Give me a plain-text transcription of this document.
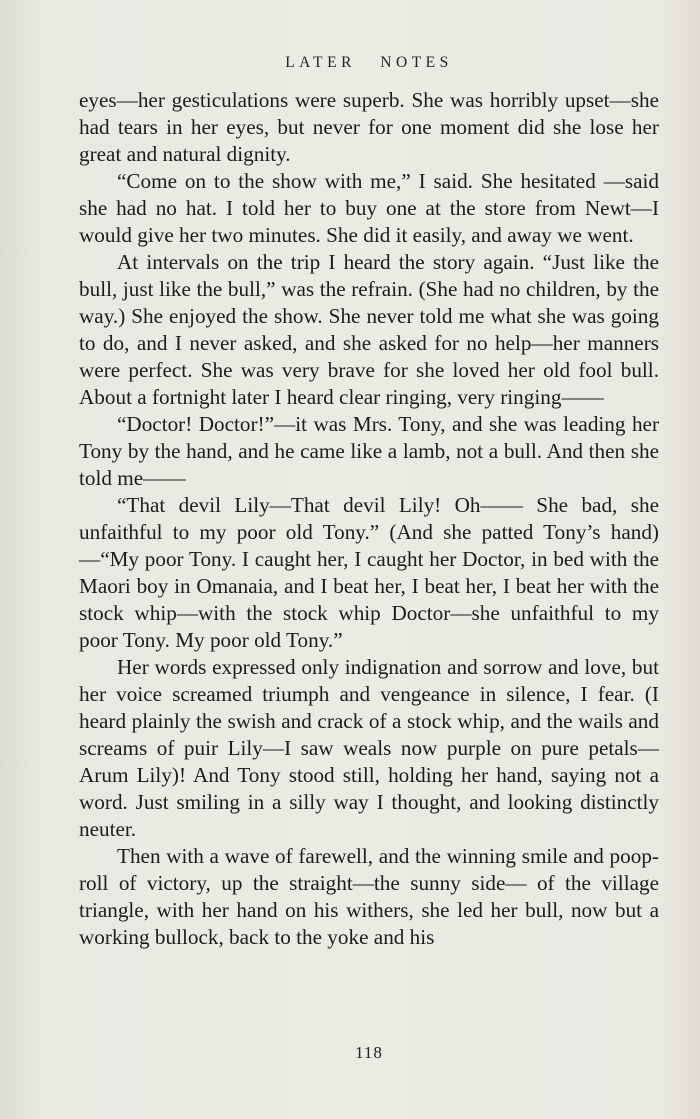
LATER NOTES

eyes—her gesticulations were superb. She was horribly upset—she had tears in her eyes, but never for one moment did she lose her great and natural dignity.

“Come on to the show with me,” I said. She hesitated —said she had no hat. I told her to buy one at the store from Newt—I would give her two minutes. She did it easily, and away we went.

At intervals on the trip I heard the story again. “Just like the bull, just like the bull,” was the refrain. (She had no children, by the way.) She enjoyed the show. She never told me what she was going to do, and I never asked, and she asked for no help—her manners were perfect. She was very brave for she loved her old fool bull. About a fortnight later I heard clear ringing, very ringing——

“Doctor! Doctor!”—it was Mrs. Tony, and she was leading her Tony by the hand, and he came like a lamb, not a bull. And then she told me——

“That devil Lily—That devil Lily! Oh—— She bad, she unfaithful to my poor old Tony.” (And she patted Tony’s hand)—“My poor Tony. I caught her, I caught her Doctor, in bed with the Maori boy in Omanaia, and I beat her, I beat her, I beat her with the stock whip—with the stock whip Doctor—she unfaithful to my poor Tony. My poor old Tony.”

Her words expressed only indignation and sorrow and love, but her voice screamed triumph and vengeance in silence, I fear. (I heard plainly the swish and crack of a stock whip, and the wails and screams of puir Lily—I saw weals now purple on pure petals—Arum Lily)! And Tony stood still, holding her hand, saying not a word. Just smiling in a silly way I thought, and looking distinctly neuter.

Then with a wave of farewell, and the winning smile and poop-roll of victory, up the straight—the sunny side— of the village triangle, with her hand on his withers, she led her bull, now but a working bullock, back to the yoke and his

118
